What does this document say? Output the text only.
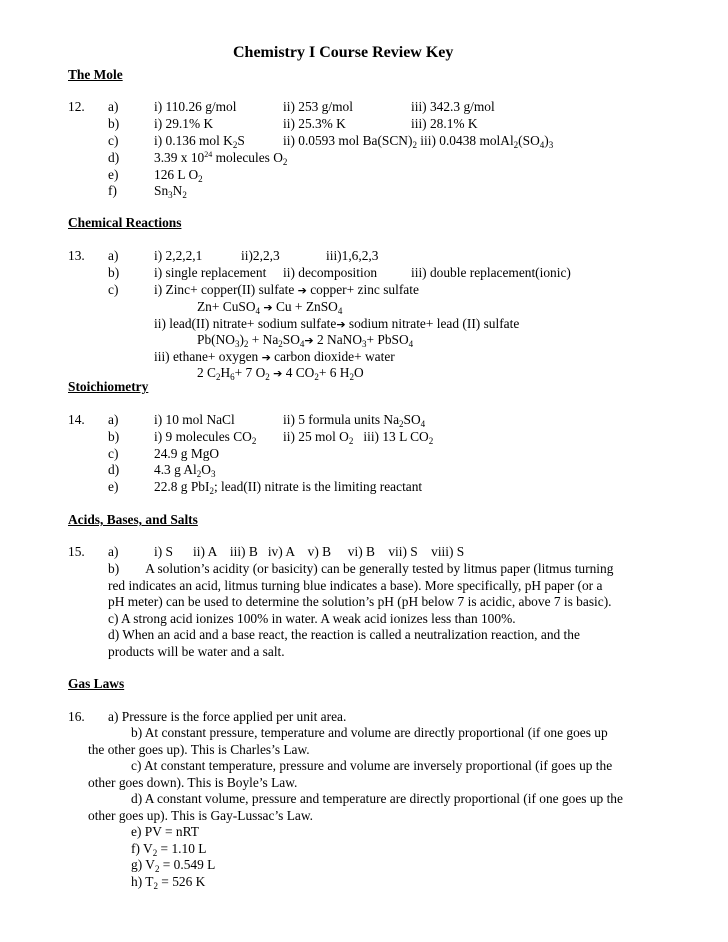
Chemistry I Course Review Key
The Mole
12. a)	i) 110.26 g/mol	ii) 253 g/mol	iii) 342.3 g/mol
b)	i) 29.1% K	ii) 25.3% K	iii) 28.1% K
c)	i) 0.136 mol $K_2S$	ii) 0.0593 mol $Ba(SCN)_2$ iii) 0.0438 $molAl_2(SO_4)_3$
d)	3.39 x $10^{24}$ molecules $O_2$
e)	126 L $O_2$
f)	$Sn_3N_2$
Chemical Reactions
13. a)	i) 2,2,2,1	ii)2,2,3	iii)1,6,2,3
b)	i) single replacement ii) decomposition	iii) double replacement(ionic)
c)	i) Zinc+ copper(II) sulfate ➔ copper+ zinc sulfate
Zn+ CuSO$_4$ ➔ Cu + ZnSO$_4$
ii) lead(II) nitrate+ sodium sulfate➔ sodium nitrate+ lead (II) sulfate
$Pb(NO_3)_2$ + $Na_2SO_4➔$ 2 NaNO$_3$+ PbSO$_4$
iii) ethane+ oxygen ➔ carbon dioxide+ water
2 $C_2H_6+ 7$ $O_2$ ➔ 4 $CO_2+ 6$ $H_2O$
Stoichiometry
14. a)	i) 10 mol NaCl	ii) 5 formula units $Na_2SO_4$
b)	i) 9 molecules $CO_2$ ii) 25 mol $O_2$ iii) 13 L $CO_2$
c)	24.9 g MgO
d)	4.3 g $Al_2O_3$
e)	22.8 g PbI$_2$; lead(II) nitrate is the limiting reactant
Acids, Bases, and Salts
15. a)	i) S      ii) A    iii) B   iv) A    v) B     vi) B    vii) S    viii) S
b)        A solution’s acidity (or basicity) can be generally tested by litmus paper (litmus turning
red indicates an acid, litmus turning blue indicates a base). More specifically, pH paper (or a
pH meter) can be used to determine the solution’s pH (pH below 7 is acidic, above 7 is basic).
c) A strong acid ionizes 100% in water. A weak acid ionizes less than 100%.
d) When an acid and a base react, the reaction is called a neutralization reaction, and the
products will be water and a salt.
Gas Laws
16. a) Pressure is the force applied per unit area.
b) At constant pressure, temperature and volume are directly proportional (if one goes up
the other goes up). This is Charles’s Law.
c) At constant temperature, pressure and volume are inversely proportional (if goes up the
other goes down). This is Boyle’s Law.
d) A constant volume, pressure and temperature are directly proportional (if one goes up the
other goes up). This is Gay-Lussac’s Law.
e) PV = nRT
f) $V_2 = 1.10$ L
g) $V_2 = 0.549$ L
h) $T_2 = 526$ K
